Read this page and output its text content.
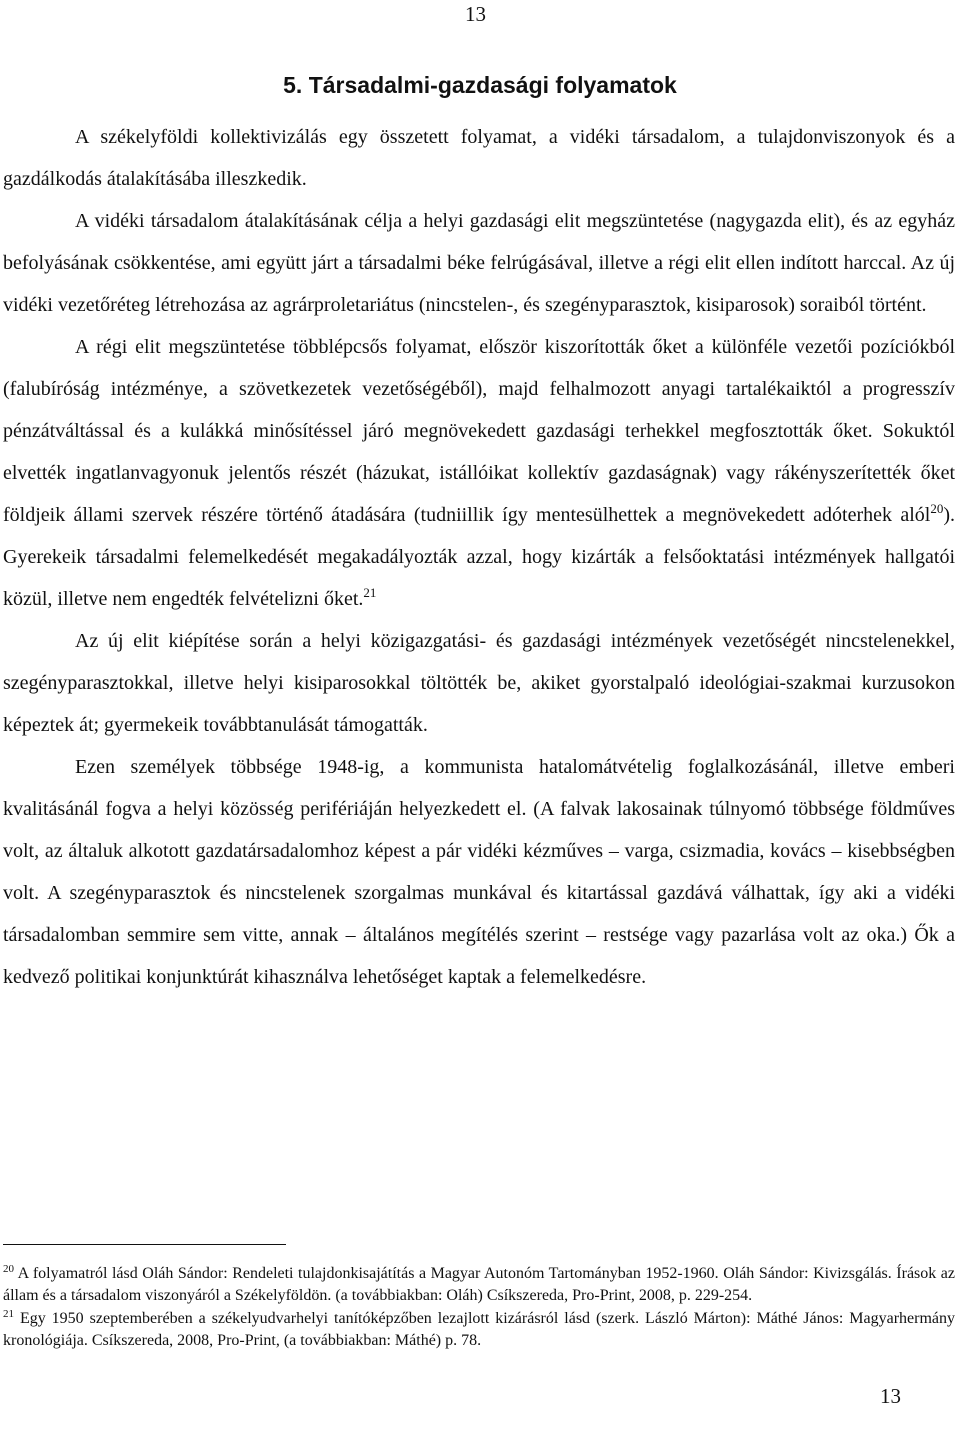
13
5. Társadalmi-gazdasági folyamatok

A székelyföldi kollektivizálás egy összetett folyamat, a vidéki társadalom, a tulajdonviszonyok és a gazdálkodás átalakításába illeszkedik.

A vidéki társadalom átalakításának célja a helyi gazdasági elit megszüntetése (nagygazda elit), és az egyház befolyásának csökkentése, ami együtt járt a társadalmi béke felrúgásával, illetve a régi elit ellen indított harccal. Az új vidéki vezetőréteg létrehozása az agrárproletariátus (nincstelen-, és szegényparasztok, kisiparosok) soraiból történt.

A régi elit megszüntetése többlépcsős folyamat, először kiszorították őket a különféle vezetői pozíciókból (falubíróság intézménye, a szövetkezetek vezetőségéből), majd felhalmozott anyagi tartalékaiktól a progresszív pénzátváltással és a kulákká minősítéssel járó megnövekedett gazdasági terhekkel megfosztották őket. Sokuktól elvették ingatlanvagyonuk jelentős részét (házukat, istállóikat kollektív gazdaságnak) vagy rákényszerítették őket földjeik állami szervek részére történő átadására (tudniillik így mentesülhettek a megnövekedett adóterhek alól$^{20}$). Gyerekeik társadalmi felemelkedését megakadályozták azzal, hogy kizárták a felsőoktatási intézmények hallgatói közül, illetve nem engedték felvételizni őket.$^{21}$

Az új elit kiépítése során a helyi közigazgatási- és gazdasági intézmények vezetőségét nincstelenekkel, szegényparasztokkal, illetve helyi kisiparosokkal töltötték be, akiket gyorstalpaló ideológiai-szakmai kurzusokon képeztek át; gyermekeik továbbtanulását támogatták.

Ezen személyek többsége 1948-ig, a kommunista hatalomátvételig foglalkozásánál, illetve emberi kvalitásánál fogva a helyi közösség perifériáján helyezkedett el. (A falvak lakosainak túlnyomó többsége földműves volt, az általuk alkotott gazdatársadalomhoz képest a pár vidéki kézműves – varga, csizmadia, kovács – kisebbségben volt. A szegényparasztok és nincstelenek szorgalmas munkával és kitartással gazdává válhattak, így aki a vidéki társadalomban semmire sem vitte, annak – általános megítélés szerint – restsége vagy pazarlása volt az oka.) Ők a kedvező politikai konjunktúrát kihasználva lehetőséget kaptak a felemelkedésre.

$^{20}$ A folyamatról lásd Oláh Sándor: Rendeleti tulajdonkisajátítás a Magyar Autonóm Tartományban 1952-1960. Oláh Sándor: Kivizsgálás. Írások az állam és a társadalom viszonyáról a Székelyföldön. (a továbbiakban: Oláh) Csíkszereda, Pro-Print, 2008, p. 229-254.

$^{21}$ Egy 1950 szeptemberében a székelyudvarhelyi tanítóképzőben lezajlott kizárásról lásd (szerk. László Márton): Máthé János: Magyarhermány kronológiája. Csíkszereda, 2008, Pro-Print, (a továbbiakban: Máthé) p. 78.

13
